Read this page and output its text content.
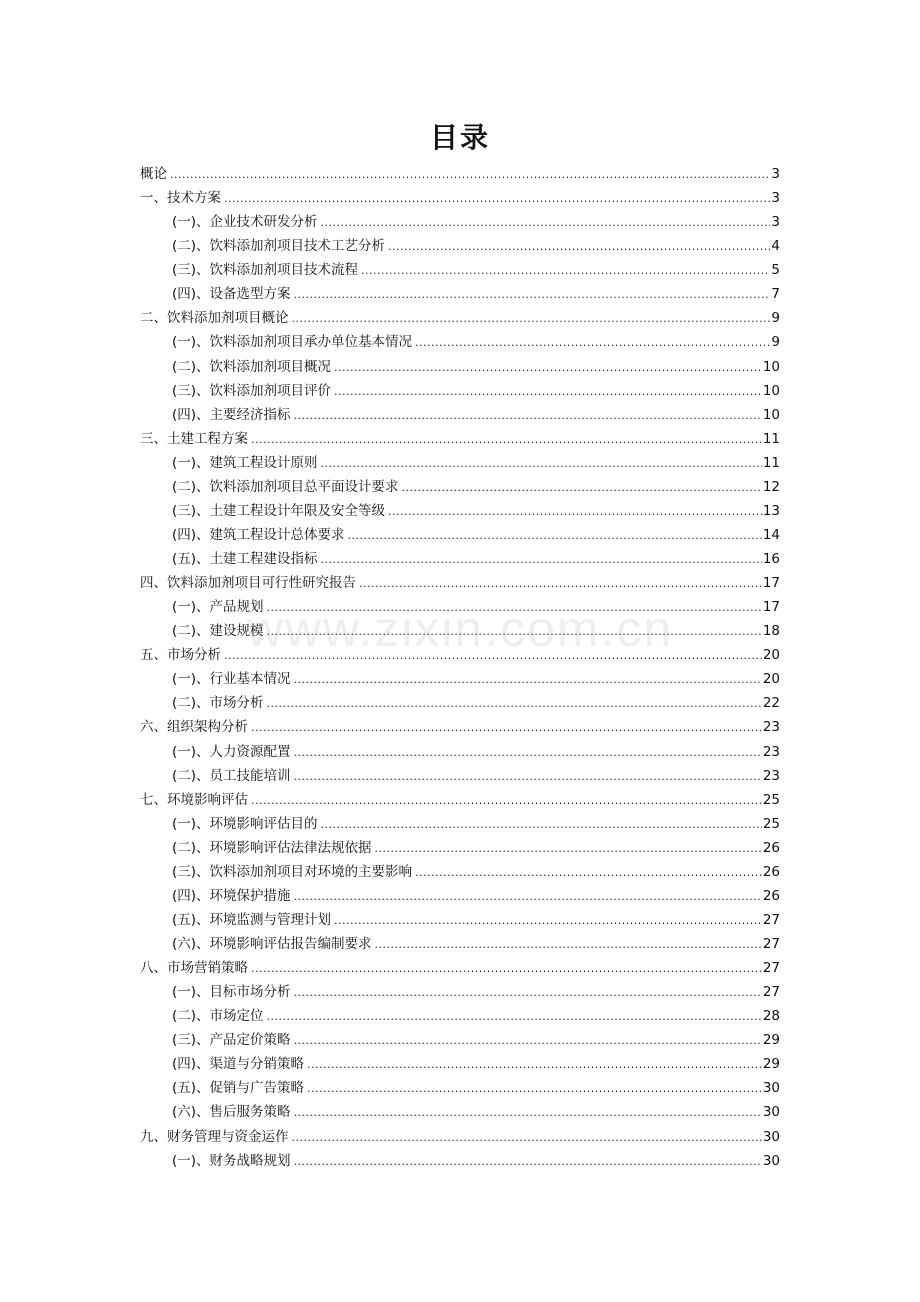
www.zixin.com.cn
目录
概论 .....	3
一、技术方案 .....	3
(一)、企业技术研发分析 .....	3
(二)、饮料添加剂项目技术工艺分析 .....	4
(三)、饮料添加剂项目技术流程 .....	5
(四)、设备选型方案 .....	7
二、饮料添加剂项目概论 .....	9
(一)、饮料添加剂项目承办单位基本情况 .....	9
(二)、饮料添加剂项目概况 .....	10
(三)、饮料添加剂项目评价 .....	10
(四)、主要经济指标 .....	10
三、土建工程方案 .....	11
(一)、建筑工程设计原则 .....	11
(二)、饮料添加剂项目总平面设计要求 .....	12
(三)、土建工程设计年限及安全等级 .....	13
(四)、建筑工程设计总体要求 .....	14
(五)、土建工程建设指标 .....	16
四、饮料添加剂项目可行性研究报告 .....	17
(一)、产品规划 .....	17
(二)、建设规模 .....	18
五、市场分析 .....	20
(一)、行业基本情况 .....	20
(二)、市场分析 .....	22
六、组织架构分析 .....	23
(一)、人力资源配置 .....	23
(二)、员工技能培训 .....	23
七、环境影响评估 .....	25
(一)、环境影响评估目的 .....	25
(二)、环境影响评估法律法规依据 .....	26
(三)、饮料添加剂项目对环境的主要影响 .....	26
(四)、环境保护措施 .....	26
(五)、环境监测与管理计划 .....	27
(六)、环境影响评估报告编制要求 .....	27
八、市场营销策略 .....	27
(一)、目标市场分析 .....	27
(二)、市场定位 .....	28
(三)、产品定价策略 .....	29
(四)、渠道与分销策略 .....	29
(五)、促销与广告策略 .....	30
(六)、售后服务策略 .....	30
九、财务管理与资金运作 .....	30
(一)、财务战略规划 .....	30
